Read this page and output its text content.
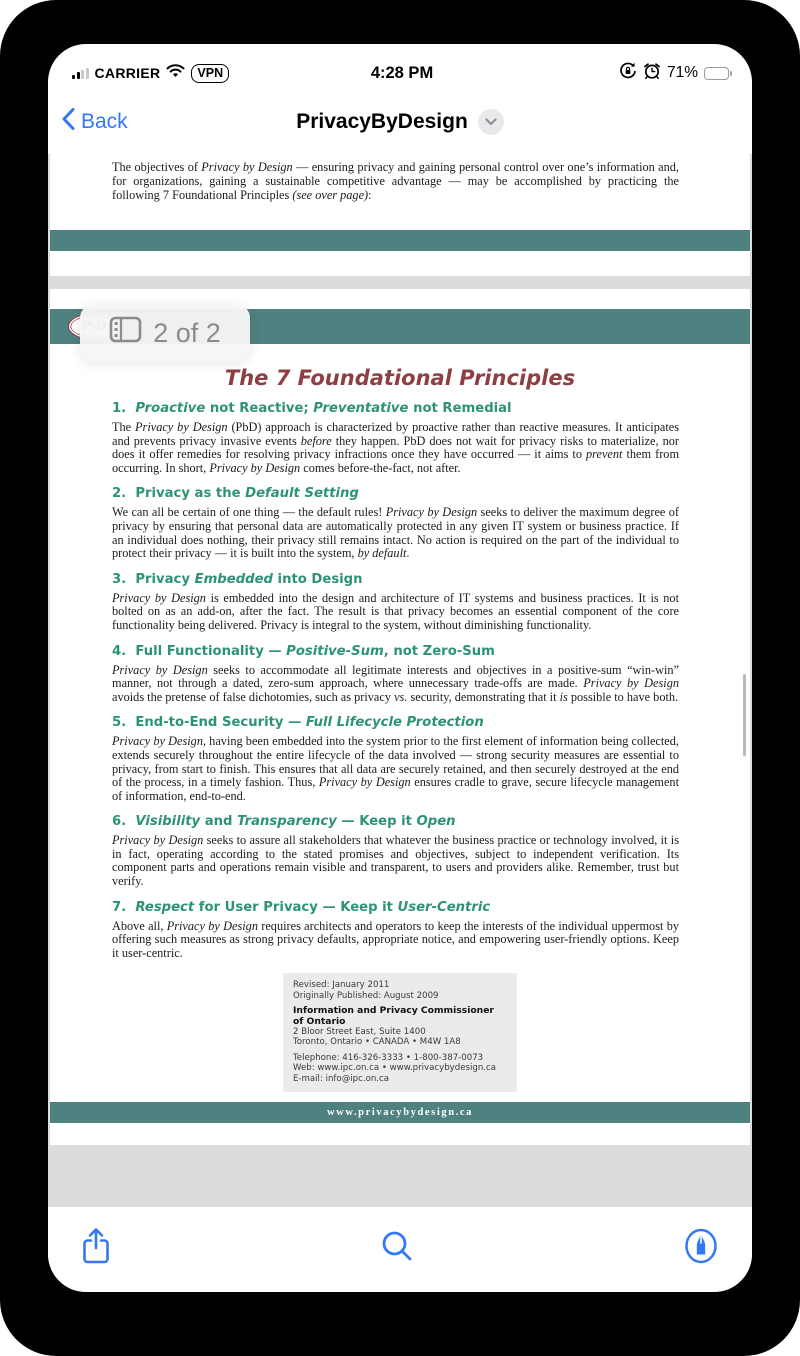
CARRIER	VPN	4:28 PM	71%
Back	PrivacyByDesign

The objectives of Privacy by Design — ensuring privacy and gaining personal control over one’s information and, for organizations, gaining a sustainable competitive advantage — may be accomplished by practicing the following 7 Foundational Principles (see over page):

The 7 Foundational Principles
1.  Proactive not Reactive; Preventative not Remedial

The Privacy by Design (PbD) approach is characterized by proactive rather than reactive measures. It anticipates and prevents privacy invasive events before they happen. PbD does not wait for privacy risks to materialize, nor does it offer remedies for resolving privacy infractions once they have occurred — it aims to prevent them from occurring. In short, Privacy by Design comes before-the-fact, not after.

2.  Privacy as the Default Setting

We can all be certain of one thing — the default rules! Privacy by Design seeks to deliver the maximum degree of privacy by ensuring that personal data are automatically protected in any given IT system or business practice. If an individual does nothing, their privacy still remains intact. No action is required on the part of the individual to protect their privacy — it is built into the system, by default.

3.  Privacy Embedded into Design

Privacy by Design is embedded into the design and architecture of IT systems and business practices. It is not bolted on as an add-on, after the fact. The result is that privacy becomes an essential component of the core functionality being delivered. Privacy is integral to the system, without diminishing functionality.

4.  Full Functionality — Positive-Sum, not Zero-Sum

Privacy by Design seeks to accommodate all legitimate interests and objectives in a positive-sum “win-win” manner, not through a dated, zero-sum approach, where unnecessary trade-offs are made. Privacy by Design avoids the pretense of false dichotomies, such as privacy vs. security, demonstrating that it is possible to have both.

5.  End-to-End Security — Full Lifecycle Protection

Privacy by Design, having been embedded into the system prior to the first element of information being collected, extends securely throughout the entire lifecycle of the data involved — strong security measures are essential to privacy, from start to finish. This ensures that all data are securely retained, and then securely destroyed at the end of the process, in a timely fashion. Thus, Privacy by Design ensures cradle to grave, secure lifecycle management of information, end-to-end.

6.  Visibility and Transparency — Keep it Open

Privacy by Design seeks to assure all stakeholders that whatever the business practice or technology involved, it is in fact, operating according to the stated promises and objectives, subject to independent verification. Its component parts and operations remain visible and transparent, to users and providers alike. Remember, trust but verify.

7.  Respect for User Privacy — Keep it User-Centric

Above all, Privacy by Design requires architects and operators to keep the interests of the individual uppermost by offering such measures as strong privacy defaults, appropriate notice, and empowering user-friendly options. Keep it user-centric.

Revised: January 2011
Originally Published: August 2009
Information and Privacy Commissioner of Ontario
2 Bloor Street East, Suite 1400
Toronto, Ontario • CANADA • M4W 1A8
Telephone: 416-326-3333 • 1-800-387-0073
Web: www.ipc.on.ca • www.privacybydesign.ca
E-mail: info@ipc.on.ca
www.privacybydesign.ca
2 of 2
